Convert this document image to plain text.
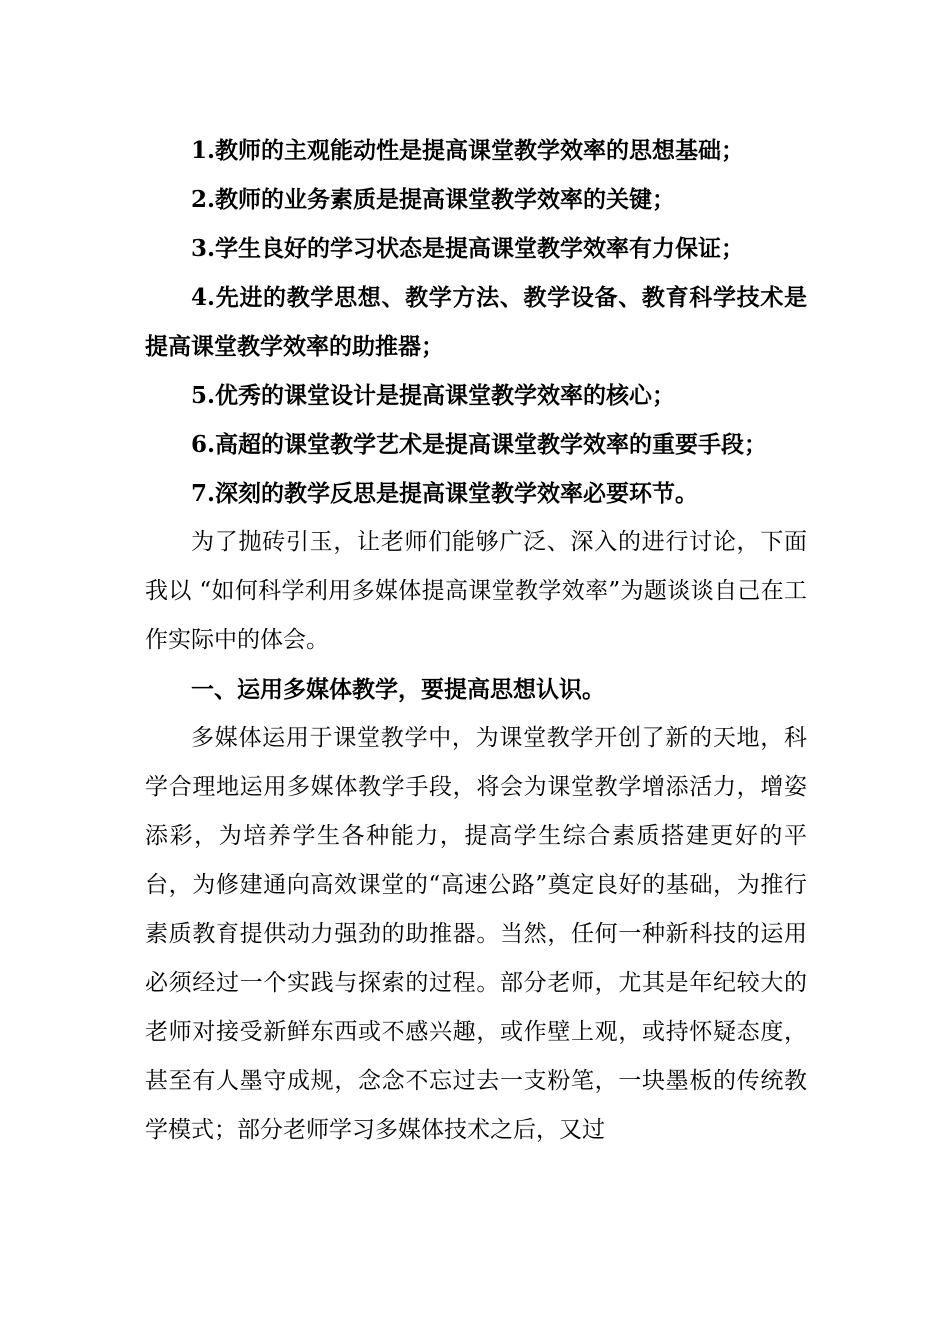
1.教师的主观能动性是提高课堂教学效率的思想基础；

2.教师的业务素质是提高课堂教学效率的关键；

3.学生良好的学习状态是提高课堂教学效率有力保证；

4.先进的教学思想、教学方法、教学设备、教育科学技术是提高课堂教学效率的助推器；

5.优秀的课堂设计是提高课堂教学效率的核心；

6.高超的课堂教学艺术是提高课堂教学效率的重要手段；

7.深刻的教学反思是提高课堂教学效率必要环节。

为了抛砖引玉，让老师们能够广泛、深入的进行讨论，下面我以 “如何科学利用多媒体提高课堂教学效率”为题谈谈自己在工作实际中的体会。

一、运用多媒体教学，要提高思想认识。

多媒体运用于课堂教学中，为课堂教学开创了新的天地，科学合理地运用多媒体教学手段，将会为课堂教学增添活力，增姿添彩，为培养学生各种能力，提高学生综合素质搭建更好的平台，为修建通向高效课堂的“高速公路”奠定良好的基础，为推行素质教育提供动力强劲的助推器。当然，任何一种新科技的运用必须经过一个实践与探索的过程。部分老师，尤其是年纪较大的老师对接受新鲜东西或不感兴趣，或作壁上观，或持怀疑态度，甚至有人墨守成规，念念不忘过去一支粉笔，一块墨板的传统教学模式；部分老师学习多媒体技术之后，又过
